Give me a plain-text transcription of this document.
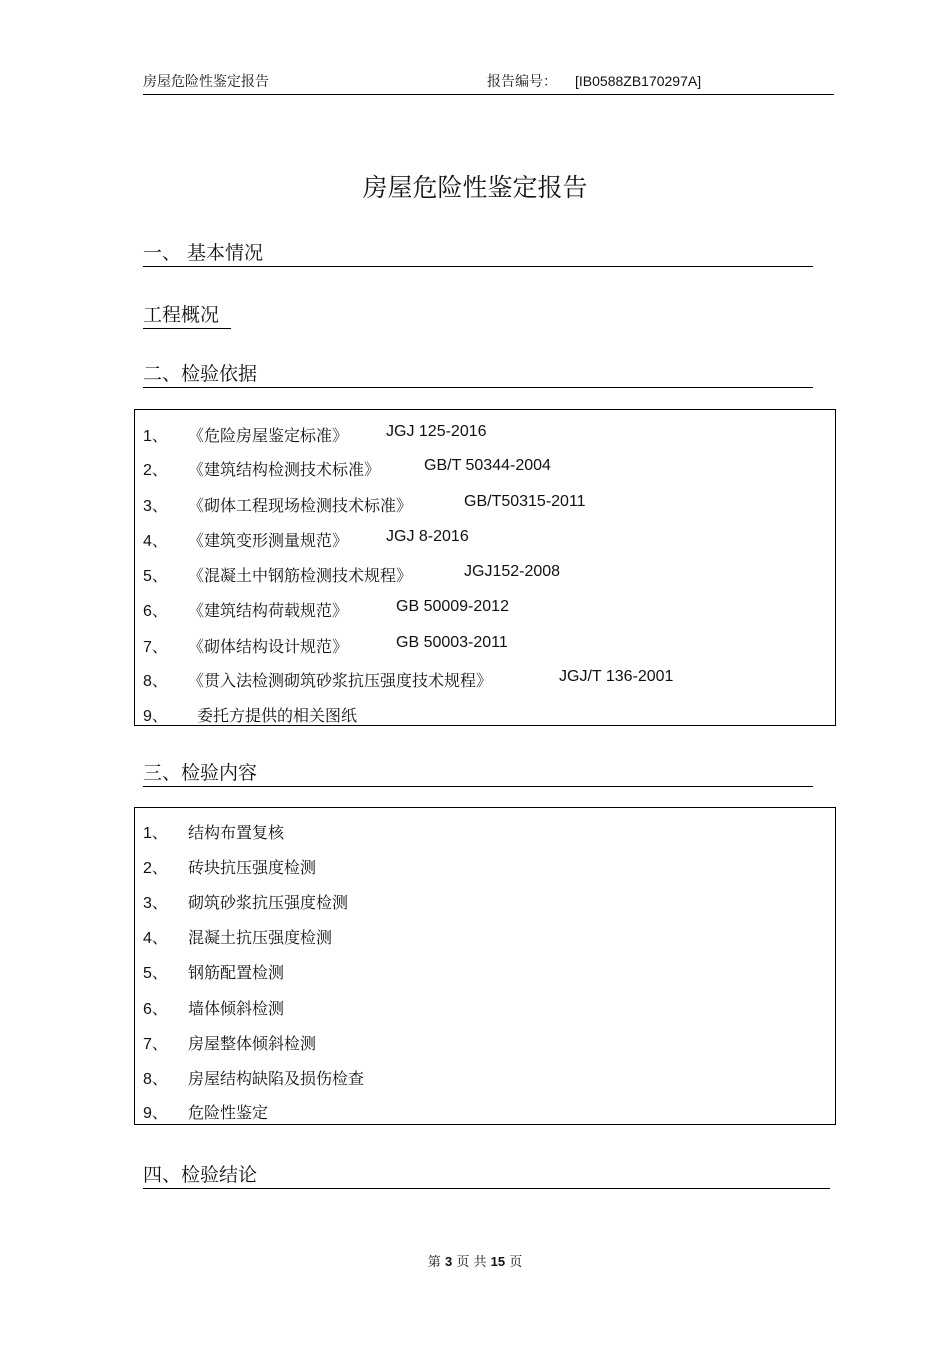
房屋危险性鉴定报告	报告编号： [IB0588ZB170297A]
房屋危险性鉴定报告
一、 基本情况
工程概况
二、检验依据
1、 《危险房屋鉴定标准》 JGJ 125-2016
2、 《建筑结构检测技术标准》	GB/T 50344-2004
3、 《砌体工程现场检测技术标准》	GB/T50315-2011
4、 《建筑变形测量规范》 JGJ 8-2016
5、 《混凝土中钢筋检测技术规程》	JGJ152-2008
6、 《建筑结构荷载规范》	GB 50009-2012
7、 《砌体结构设计规范》	GB 50003-2011
8、 《贯入法检测砌筑砂浆抗压强度技术规程》	JGJ/T 136-2001
9、 委托方提供的相关图纸
三、检验内容
1、 结构布置复核
2、 砖块抗压强度检测
3、 砌筑砂浆抗压强度检测
4、 混凝土抗压强度检测
5、 钢筋配置检测
6、 墙体倾斜检测
7、 房屋整体倾斜检测
8、 房屋结构缺陷及损伤检查
9、 危险性鉴定
四、检验结论
第 3 页 共 15 页
